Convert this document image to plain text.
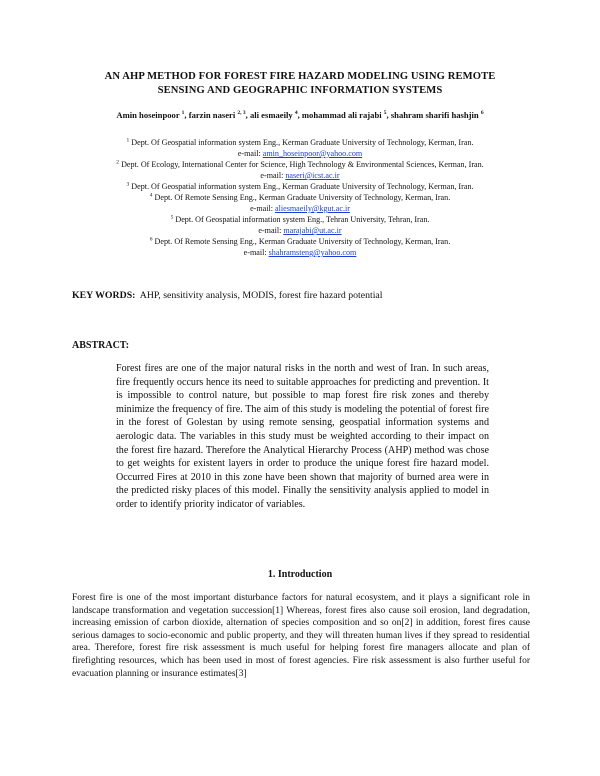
AN AHP METHOD FOR FOREST FIRE HAZARD MODELING USING REMOTE
SENSING AND GEOGRAPHIC INFORMATION SYSTEMS
Amin hoseinpoor $^1$, farzin naseri $^{2, 3}$, ali esmaeily $^4$, mohammad ali rajabi $^5$, shahram sharifi hashjin $^6$
$^1$ Dept. Of Geospatial information system Eng., Kerman Graduate University of Technology, Kerman, Iran.
e-mail: amin_hoseinpoor@yahoo.com
$^2$ Dept. Of Ecology, International Center for Science, High Technology & Environmental Sciences, Kerman, Iran.
e-mail: naseri@icst.ac.ir
$^3$ Dept. Of Geospatial information system Eng., Kerman Graduate University of Technology, Kerman, Iran.
$^4$ Dept. Of Remote Sensing Eng., Kerman Graduate University of Technology, Kerman, Iran.
e-mail: aliesmaeily@kgut.ac.ir
$^5$ Dept. Of Geospatial information system Eng., Tehran University, Tehran, Iran.
e-mail: marajabi@ut.ac.ir
$^6$ Dept. Of Remote Sensing Eng., Kerman Graduate University of Technology, Kerman, Iran.
e-mail: shahramsteng@yahoo.com
KEY WORDS: AHP, sensitivity analysis, MODIS, forest fire hazard potential
ABSTRACT:
Forest fires are one of the major natural risks in the north and west of Iran. In such areas, fire frequently occurs hence its need to suitable approaches for predicting and prevention. It is impossible to control nature, but possible to map forest fire risk zones and thereby minimize the frequency of fire. The aim of this study is modeling the potential of forest fire in the forest of Golestan by using remote sensing, geospatial information systems and aerologic data. The variables in this study must be weighted according to their impact on the forest fire hazard. Therefore the Analytical Hierarchy Process (AHP) method was chose to get weights for existent layers in order to produce the unique forest fire hazard model. Occurred Fires at 2010 in this zone have been shown that majority of burned area were in the predicted risky places of this model. Finally the sensitivity analysis applied to model in order to identify priority indicator of variables.
1. Introduction
Forest fire is one of the most important disturbance factors for natural ecosystem, and it plays a significant role in landscape transformation and vegetation succession[1] Whereas, forest fires also cause soil erosion, land degradation, increasing emission of carbon dioxide, alternation of species composition and so on[2] in addition, forest fires cause serious damages to socio-economic and public property, and they will threaten human lives if they spread to residential area. Therefore, forest fire risk assessment is much useful for helping forest fire managers allocate and plan of firefighting resources, which has been used in most of forest agencies. Fire risk assessment is also further useful for evacuation planning or insurance estimates[3]
